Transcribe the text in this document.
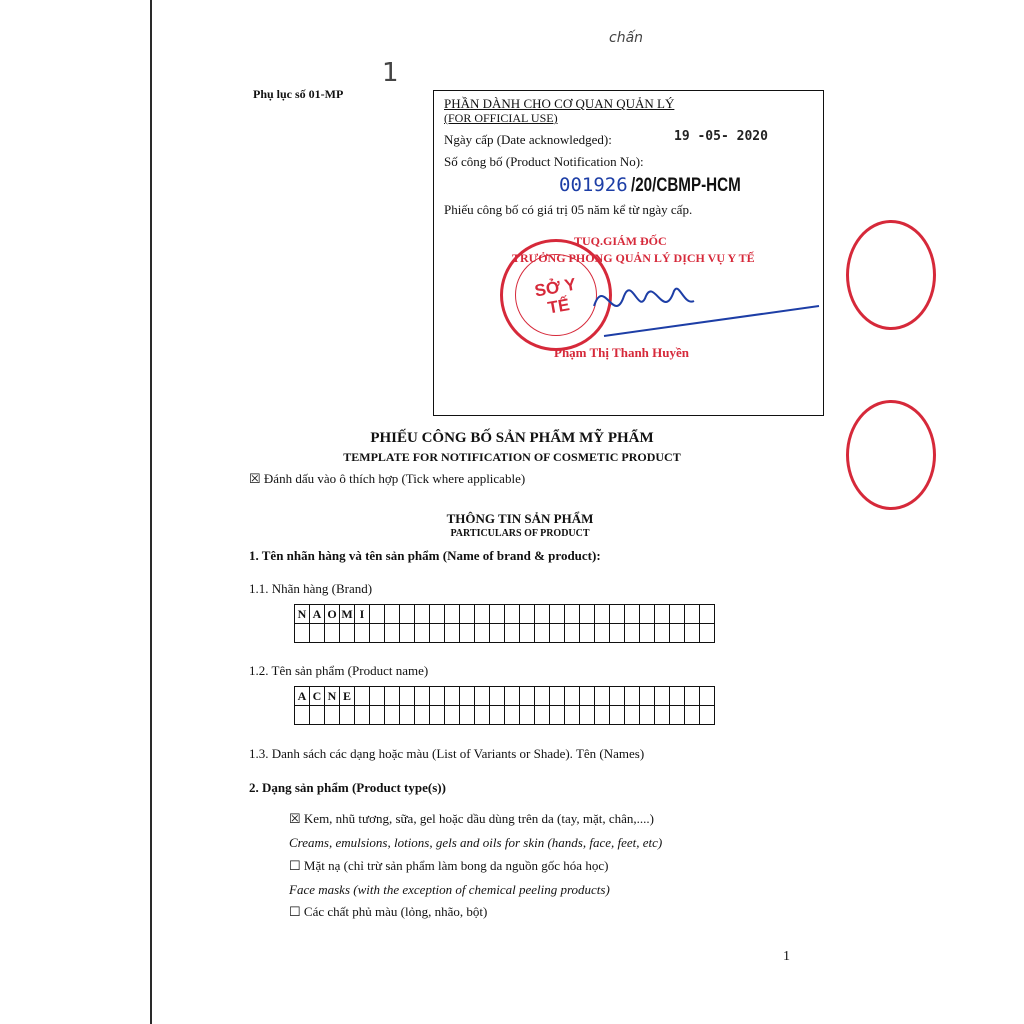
chấn
1
Phụ lục số 01-MP
PHẦN DÀNH CHO CƠ QUAN QUẢN LÝ
(FOR OFFICIAL USE)
Ngày cấp (Date acknowledged):	19 -05- 2020
Số công bố (Product Notification No):
001926 /20/CBMP-HCM
Phiếu công bố có giá trị 05 năm kể từ ngày cấp.
SỞ Y TẾ
TUQ.GIÁM ĐỐC
TRƯỞNG PHÒNG QUẢN LÝ DỊCH VỤ Y TẾ
Phạm Thị Thanh Huyền
PHIẾU CÔNG BỐ SẢN PHẨM MỸ PHẨM
TEMPLATE FOR NOTIFICATION OF COSMETIC PRODUCT
☒ Đánh dấu vào ô thích hợp (Tick where applicable)
THÔNG TIN SẢN PHẨM
PARTICULARS OF PRODUCT
1. Tên nhãn hàng và tên sản phẩm (Name of brand & product):
1.1. Nhãn hàng (Brand)
N	A	O	M	I																							

1.2. Tên sản phẩm (Product name)
A	C	N	E																								

1.3. Danh sách các dạng hoặc màu (List of Variants or Shade). Tên (Names)
2. Dạng sản phẩm (Product type(s))
☒ Kem, nhũ tương, sữa, gel hoặc dầu dùng trên da (tay, mặt, chân,....)
Creams, emulsions, lotions, gels and oils for skin (hands, face, feet, etc)
☐ Mặt nạ (chỉ trừ sản phẩm làm bong da nguồn gốc hóa học)
Face masks (with the exception of chemical peeling products)
☐ Các chất phủ màu (lỏng, nhão, bột)
1
